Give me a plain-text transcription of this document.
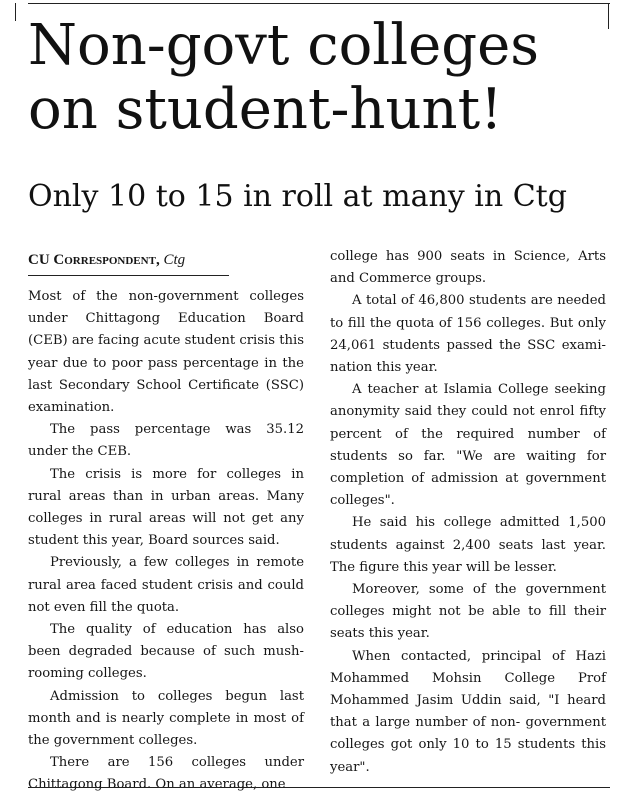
Non-govt colleges
on student-hunt!
Only 10 to 15 in roll at many in Ctg
CU Correspondent, Ctg

Most of the non-government colleges under Chittagong Education Board (CEB) are facing acute student crisis this year due to poor pass percentage in the last Secondary School Certificate (SSC) examination.

The pass percentage was 35.12 under the CEB.

The crisis is more for colleges in rural areas than in urban areas. Many colleges in rural areas will not get any student this year, Board sources said.

Previously, a few colleges in remote rural area faced student crisis and could not even fill the quota.

The quality of education has also been degraded because of such mushrooming colleges.

Admission to colleges begun last month and is nearly complete in most of the government colleges.

There are 156 colleges under Chittagong Board. On an average, one

college has 900 seats in Science, Arts and Commerce groups.

A total of 46,800 students are needed to fill the quota of 156 colleges. But only 24,061 students passed the SSC examination this year.

A teacher at Islamia College seeking anonymity said they could not enrol fifty percent of the required number of students so far. "We are waiting for completion of admission at government colleges".

He said his college admitted 1,500 students against 2,400 seats last year. The figure this year will be lesser.

Moreover, some of the government colleges might not be able to fill their seats this year.

When contacted, principal of Hazi Mohammed Mohsin College Prof Mohammed Jasim Uddin said, "I heard that a large number of non- government colleges got only 10 to 15 students this year".
